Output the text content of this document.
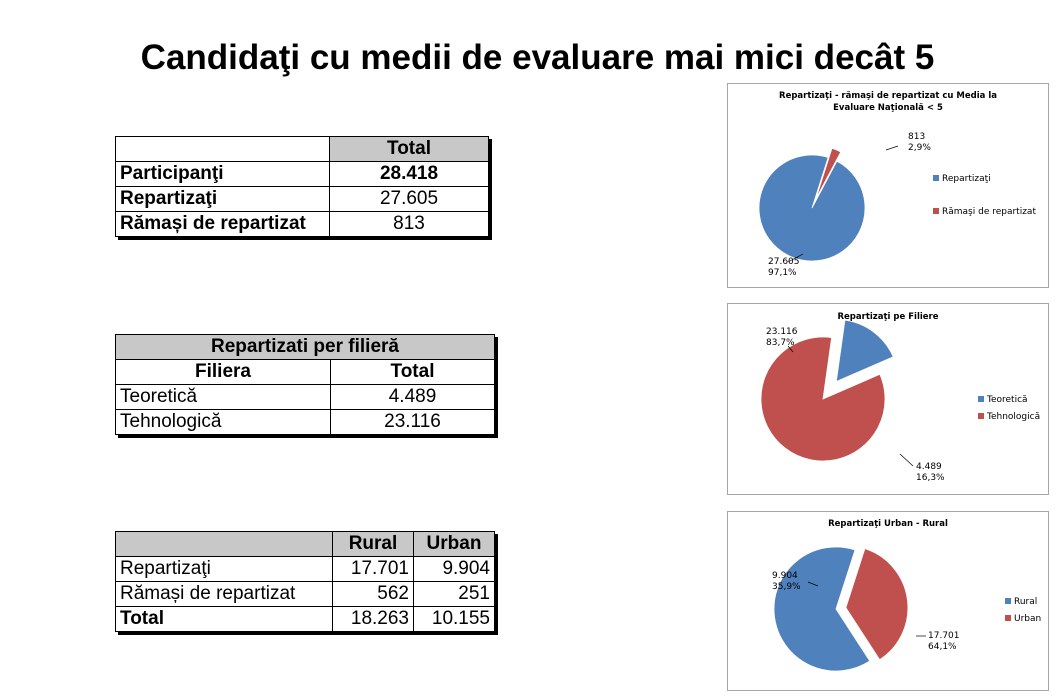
Candidaţi cu medii de evaluare mai mici decât 5
	Total
Participanţi	28.418
Repartizaţi	27.605
Rămași de repartizat	813
Repartizati per filieră	
Filiera	Total
Teoretică	4.489
Tehnologică	23.116
	Rural	Urban
Repartizaţi	17.701	9.904
Rămași de repartizat	562	251
Total	18.263	10.155
Repartizaţi - rămaşi de repartizat cu Media la
Evaluare Naţională < 5
27.605
97,1%
813
2,9%
Repartizaţi
Rămaşi de repartizat
Repartizaţi pe Filiere
4.489
16,3%
23.116
83,7%
Teoretică
Tehnologică
Repartizaţi Urban - Rural
17.701
64,1%
9.904
35,9%
Rural
Urban
